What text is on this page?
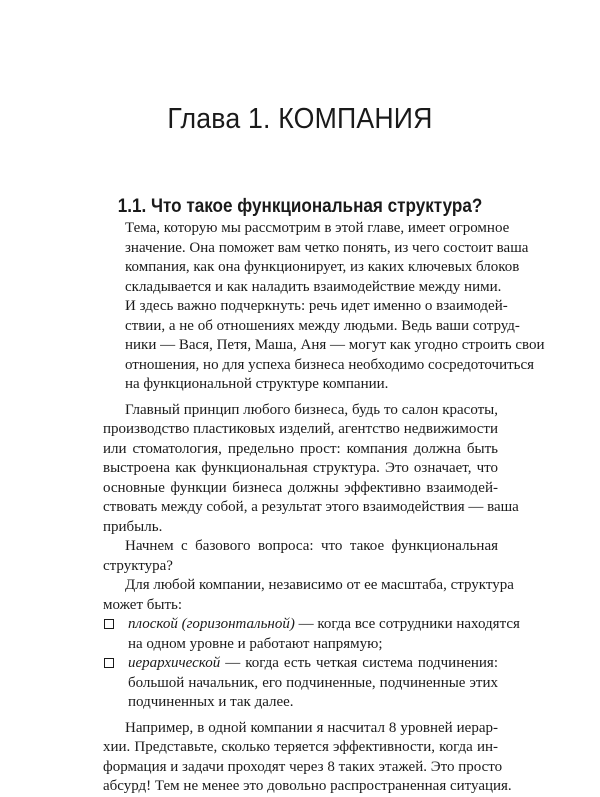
Глава 1. КОМПАНИЯ
1.1. Что такое функциональная структура?

Тема, которую мы рассмотрим в этой главе, имеет огромное
значение. Она поможет вам четко понять, из чего состоит ваша
компания, как она функционирует, из каких ключевых блоков
складывается и как наладить взаимодействие между ними.
И здесь важно подчеркнуть: речь идет именно о взаимодей-
ствии, а не об отношениях между людьми. Ведь ваши сотруд-
ники — Вася, Петя, Маша, Аня — могут как угодно строить свои
отношения, но для успеха бизнеса необходимо сосредоточиться
на функциональной структуре компании.

Главный принцип любого бизнеса, будь то салон красоты,
производство пластиковых изделий, агентство недвижимости
или стоматология, предельно прост: компания должна быть
выстроена как функциональная структура. Это означает, что
основные функции бизнеса должны эффективно взаимодей-
ствовать между собой, а результат этого взаимодействия — ваша
прибыль.

Начнем с базового вопроса: что такое функциональная
структура?

Для любой компании, независимо от ее масштаба, структура
может быть:

плоской (горизонтальной) — когда все сотрудники находятся
на одном уровне и работают напрямую;
иерархической — когда есть четкая система подчинения:
большой начальник, его подчиненные, подчиненные этих
подчиненных и так далее.

Например, в одной компании я насчитал 8 уровней иерар-
хии. Представьте, сколько теряется эффективности, когда ин-
формация и задачи проходят через 8 таких этажей. Это просто
абсурд! Тем не менее это довольно распространенная ситуация.
